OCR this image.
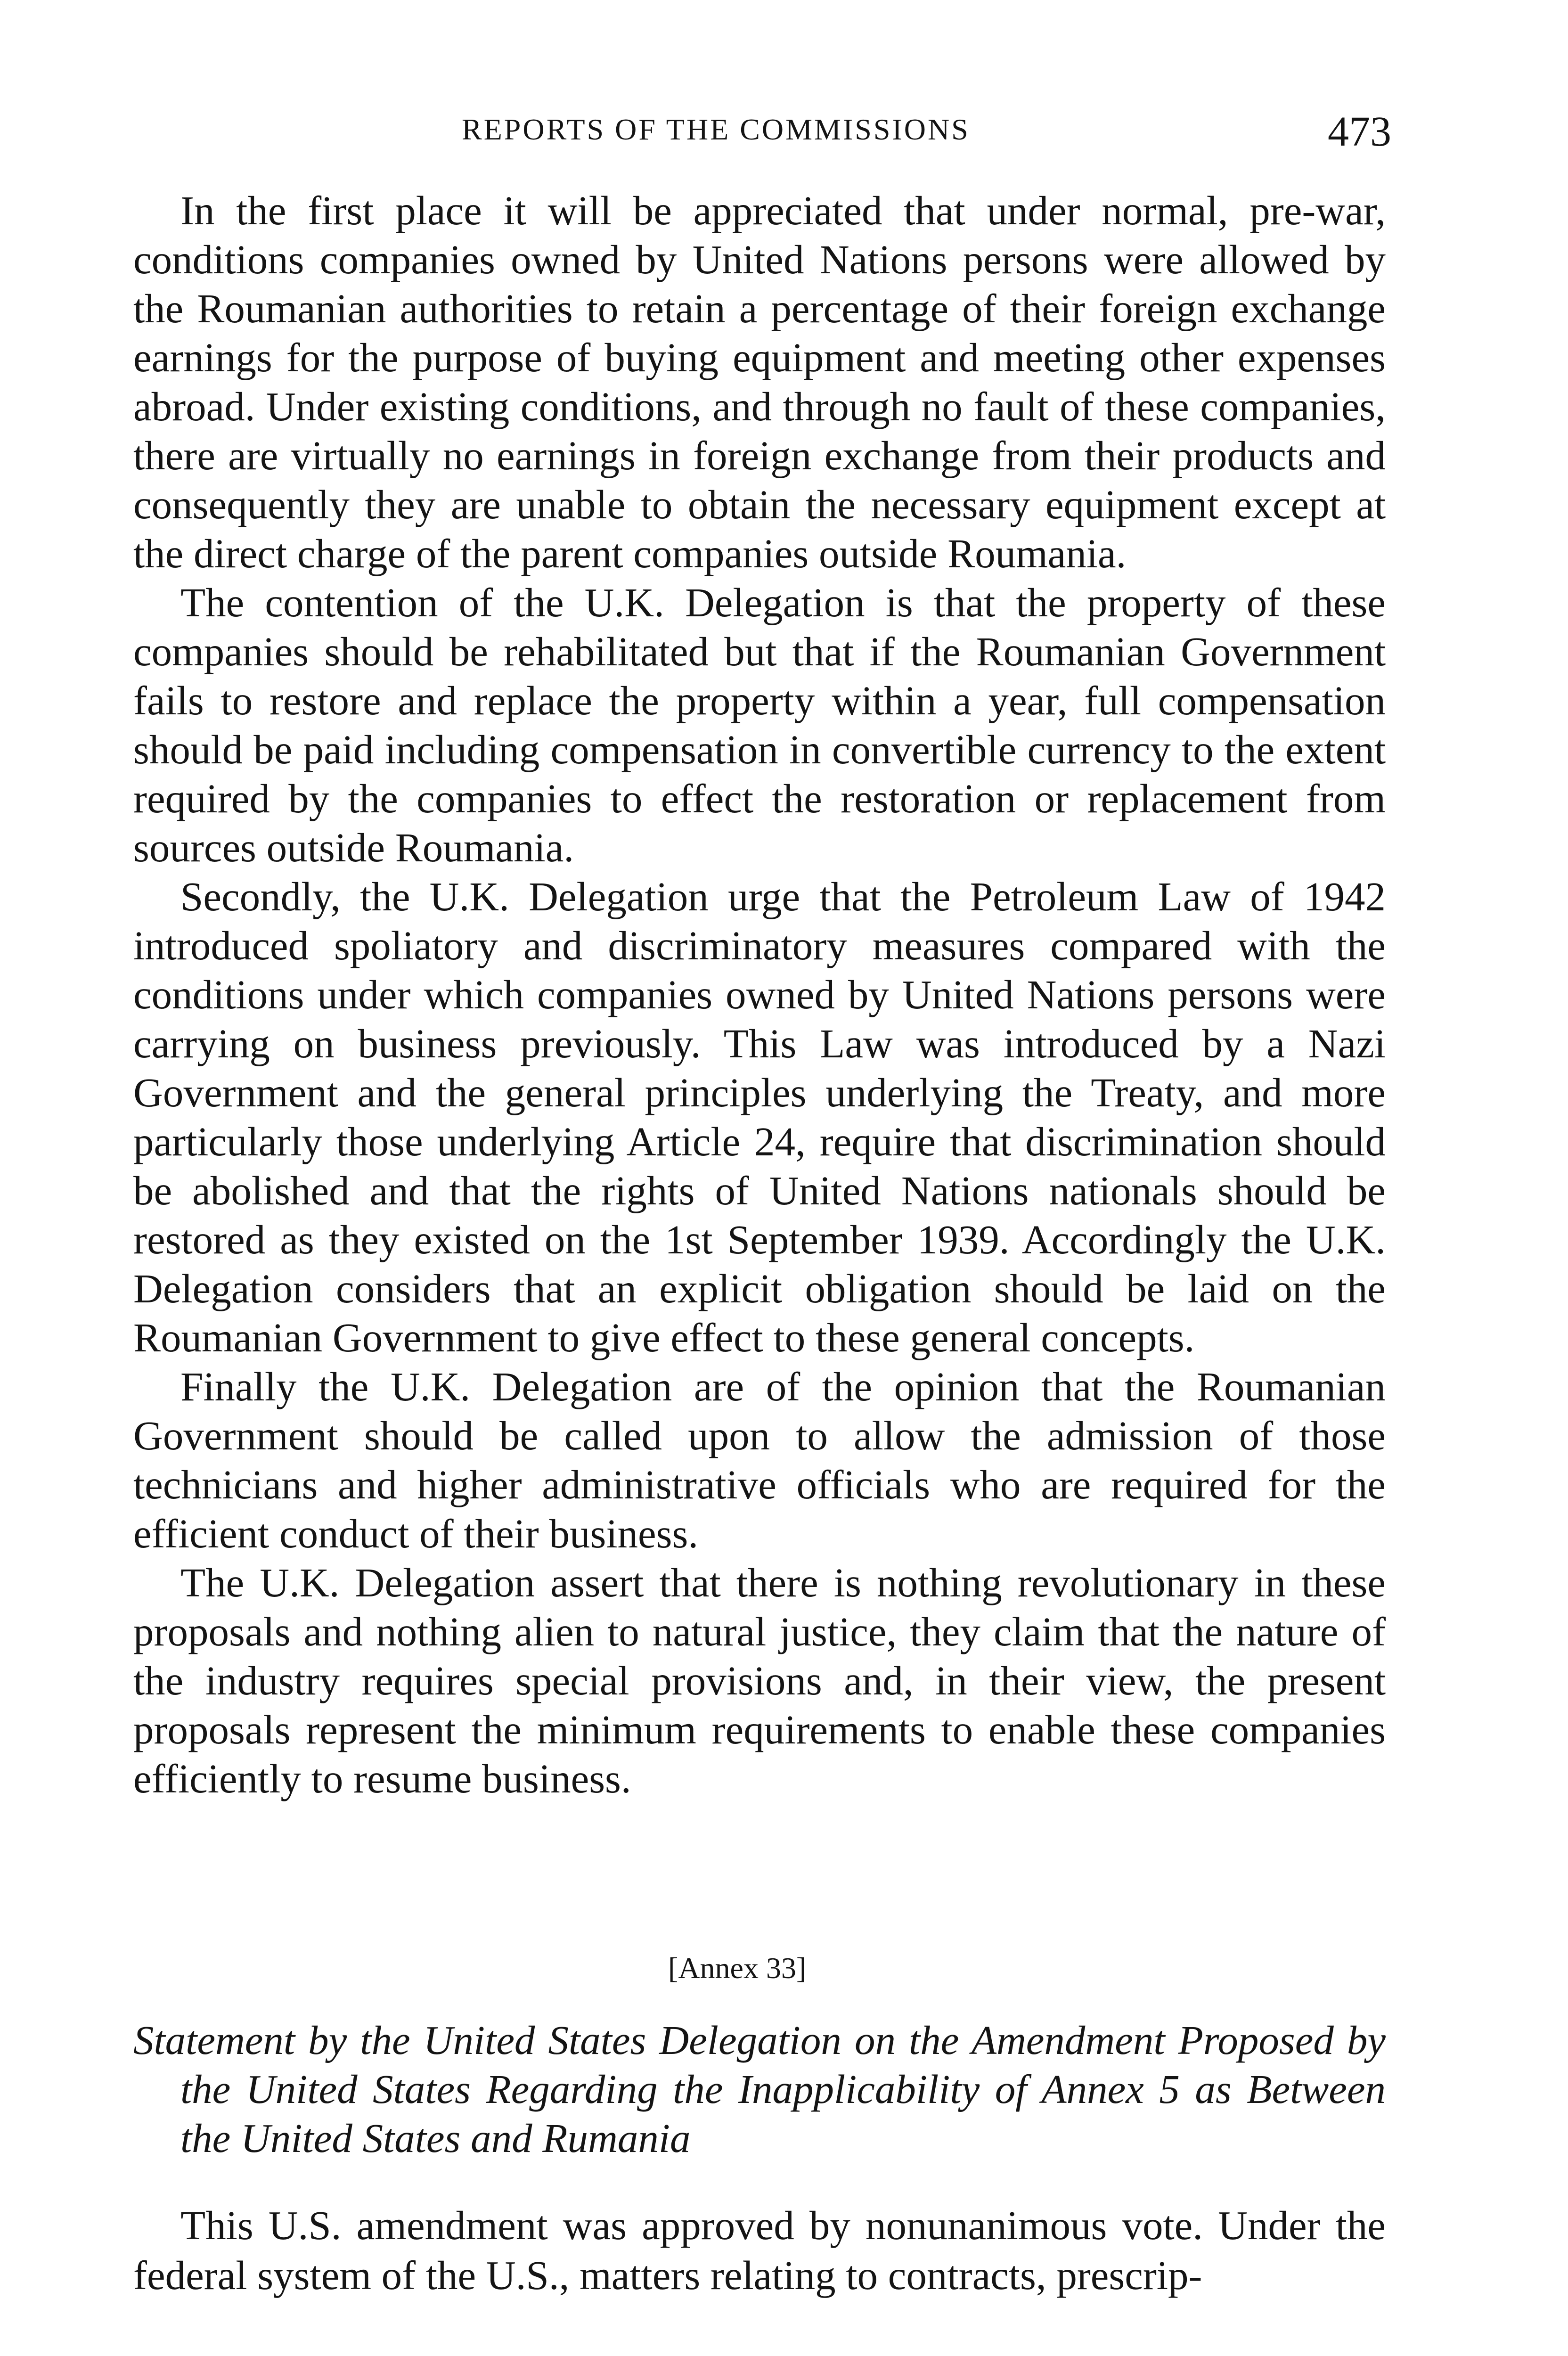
REPORTS OF THE COMMISSIONS	473

In the first place it will be appreciated that under normal, pre-war, conditions companies owned by United Nations persons were allowed by the Roumanian authorities to retain a percentage of their foreign exchange earnings for the purpose of buying equipment and meeting other expenses abroad. Under existing conditions, and through no fault of these companies, there are virtually no earnings in foreign exchange from their products and consequently they are unable to obtain the necessary equipment except at the direct charge of the parent companies outside Roumania.

The contention of the U.K. Delegation is that the property of these companies should be rehabilitated but that if the Roumanian Government fails to restore and replace the property within a year, full compensation should be paid including compensation in convertible currency to the extent required by the companies to effect the restoration or replacement from sources outside Roumania.

Secondly, the U.K. Delegation urge that the Petroleum Law of 1942 introduced spoliatory and discriminatory measures compared with the conditions under which companies owned by United Nations persons were carrying on business previously. This Law was introduced by a Nazi Government and the general principles underlying the Treaty, and more particularly those underlying Article 24, require that discrimination should be abolished and that the rights of United Nations nationals should be restored as they existed on the 1st September 1939. Accordingly the U.K. Delegation considers that an explicit obligation should be laid on the Roumanian Government to give effect to these general concepts.

Finally the U.K. Delegation are of the opinion that the Roumanian Government should be called upon to allow the admission of those technicians and higher administrative officials who are required for the efficient conduct of their business.

The U.K. Delegation assert that there is nothing revolutionary in these proposals and nothing alien to natural justice, they claim that the nature of the industry requires special provisions and, in their view, the present proposals represent the minimum requirements to enable these companies efficiently to resume business.

[Annex 33]

Statement by the United States Delegation on the Amendment Proposed by the United States Regarding the Inapplicability of Annex 5 as Between the United States and Rumania

This U.S. amendment was approved by nonunanimous vote. Under the federal system of the U.S., matters relating to contracts, prescrip-
